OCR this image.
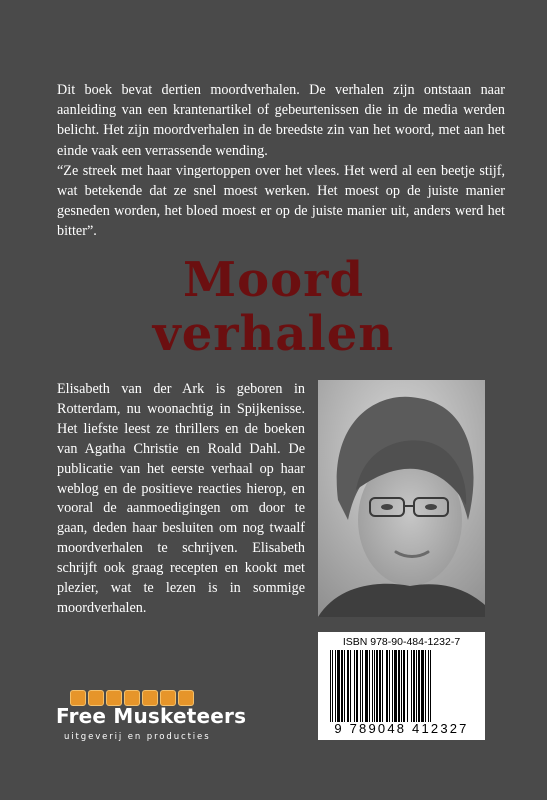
Dit boek bevat dertien moordverhalen. De verhalen zijn ontstaan naar aanleiding van een krantenartikel of gebeurtenissen die in de media werden belicht. Het zijn moordverhalen in de breedste zin van het woord, met aan het einde vaak een verrassende wending.

“Ze streek met haar vingertoppen over het vlees. Het werd al een beetje stijf, wat betekende dat ze snel moest werken. Het moest op de juiste manier gesneden worden, het bloed moest er op de juiste manier uit, anders werd het bitter”.

Moord
verhalen

Elisabeth van der Ark is geboren in Rotterdam, nu woonachtig in Spijkenisse. Het liefste leest ze thrillers en de boeken van Agatha Christie en Roald Dahl. De publicatie van het eerste verhaal op haar weblog en de positieve reacties hierop, en vooral de aanmoedigingen om door te gaan, deden haar besluiten om nog twaalf moordverhalen te schrijven. Elisabeth schrijft ook graag recepten en kookt met plezier, wat te lezen is in sommige moordverhalen.

ISBN 978-90-484-1232-7
9 789048 412327
Free Musketeers
uitgeverij en producties
